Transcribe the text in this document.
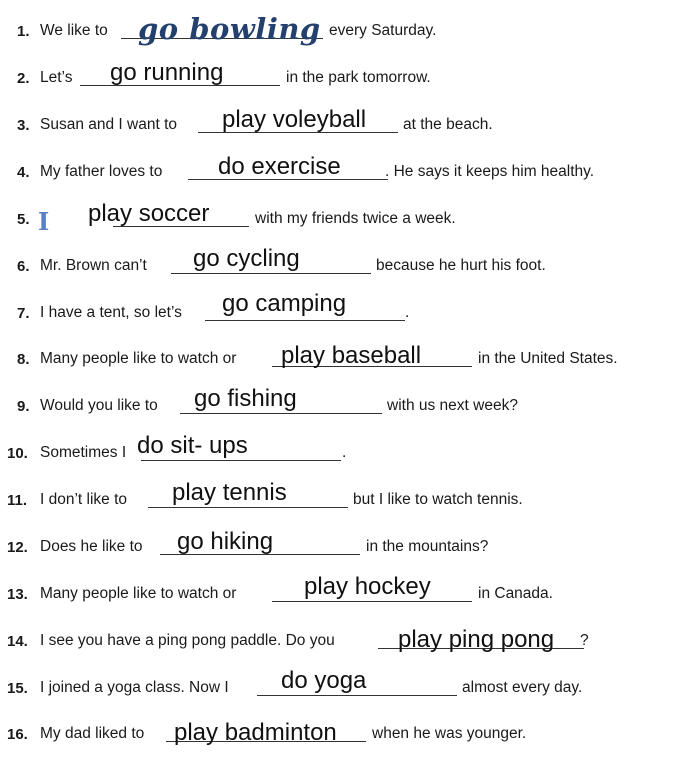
1. We like to go bowling every Saturday.
2. Let’s go running	in the park tomorrow.
3. Susan and I want to play voleyball at the beach.
4. My father loves to do exercise	. He says it keeps him healthy.
5. I play soccer	with my friends twice a week.
6. Mr. Brown can’t go cycling	because he hurt his foot.
7. I have a tent, so let’s go camping	.
8. Many people like to watch or play baseball	in the United States.
9. Would you like to go fishing	with us next week?
10. Sometimes I do sit- ups	.
11. I don’t like to play tennis	but I like to watch tennis.
12. Does he like to go hiking	in the mountains?
13. Many people like to watch or	play hockey	in Canada.
14. I see you have a ping pong paddle. Do you	play ping pong ?
15. I joined a yoga class. Now I do yoga	almost every day.
16. My dad liked to play badminton when he was younger.
